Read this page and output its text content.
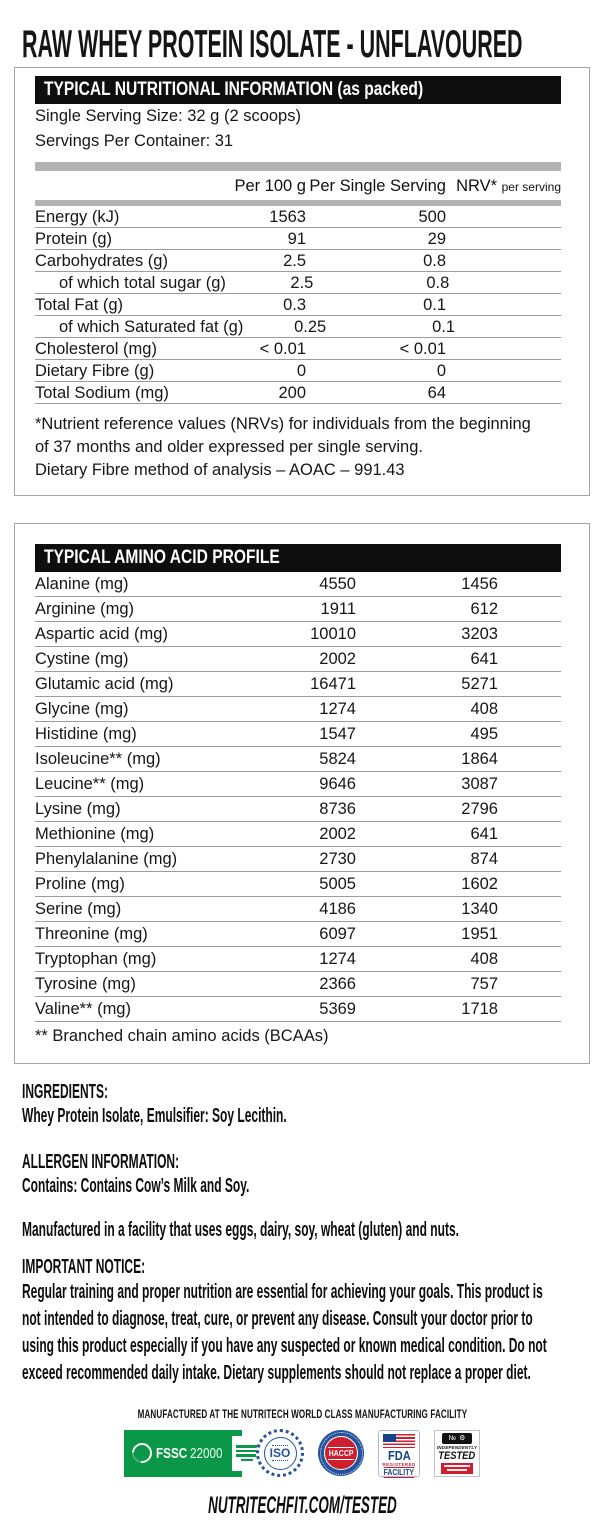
RAW WHEY PROTEIN ISOLATE - UNFLAVOURED
TYPICAL NUTRITIONAL INFORMATION (as packed)
Single Serving Size: 32 g (2 scoops)
Servings Per Container: 31
Per 100 g Per Single Serving NRV* per serving
Energy (kJ)	1563	500
Protein (g)	91	29
Carbohydrates (g)	2.5	0.8
of which total sugar (g)	2.5	0.8
Total Fat (g)	0.3	0.1
of which Saturated fat (g)	0.25	0.1
Cholesterol (mg)	< 0.01	< 0.01
Dietary Fibre (g)	0	0
Total Sodium (mg)	200	64
*Nutrient reference values (NRVs) for individuals from the beginning
of 37 months and older expressed per single serving.
Dietary Fibre method of analysis – AOAC – 991.43
TYPICAL AMINO ACID PROFILE
Alanine (mg)	4550	1456
Arginine (mg)	1911	612
Aspartic acid (mg)	10010	3203
Cystine (mg)	2002	641
Glutamic acid (mg)	16471	5271
Glycine (mg)	1274	408
Histidine (mg)	1547	495
Isoleucine** (mg)	5824	1864
Leucine** (mg)	9646	3087
Lysine (mg)	8736	2796
Methionine (mg)	2002	641
Phenylalanine (mg)	2730	874
Proline (mg)	5005	1602
Serine (mg)	4186	1340
Threonine (mg)	6097	1951
Tryptophan (mg)	1274	408
Tyrosine (mg)	2366	757
Valine** (mg)	5369	1718
** Branched chain amino acids (BCAAs)
INGREDIENTS:
Whey Protein Isolate, Emulsifier: Soy Lecithin.
ALLERGEN INFORMATION:
Contains: Contains Cow’s Milk and Soy.
Manufactured in a facility that uses eggs, dairy, soy, wheat (gluten) and nuts.
IMPORTANT NOTICE:
Regular training and proper nutrition are essential for achieving your goals. This product is
not intended to diagnose, treat, cure, or prevent any disease. Consult your doctor prior to
using this product especially if you have any suspected or known medical condition. Do not
exceed recommended daily intake. Dietary supplements should not replace a proper diet.
MANUFACTURED AT THE NUTRITECH WORLD CLASS MANUFACTURING FACILITY
FSSC 22000	ISO	HACCP	FDA
REGISTERED
FACILITY
№ ⚙
INDEPENDENTLY
TESTED
NUTRITECHFIT.COM/TESTED
